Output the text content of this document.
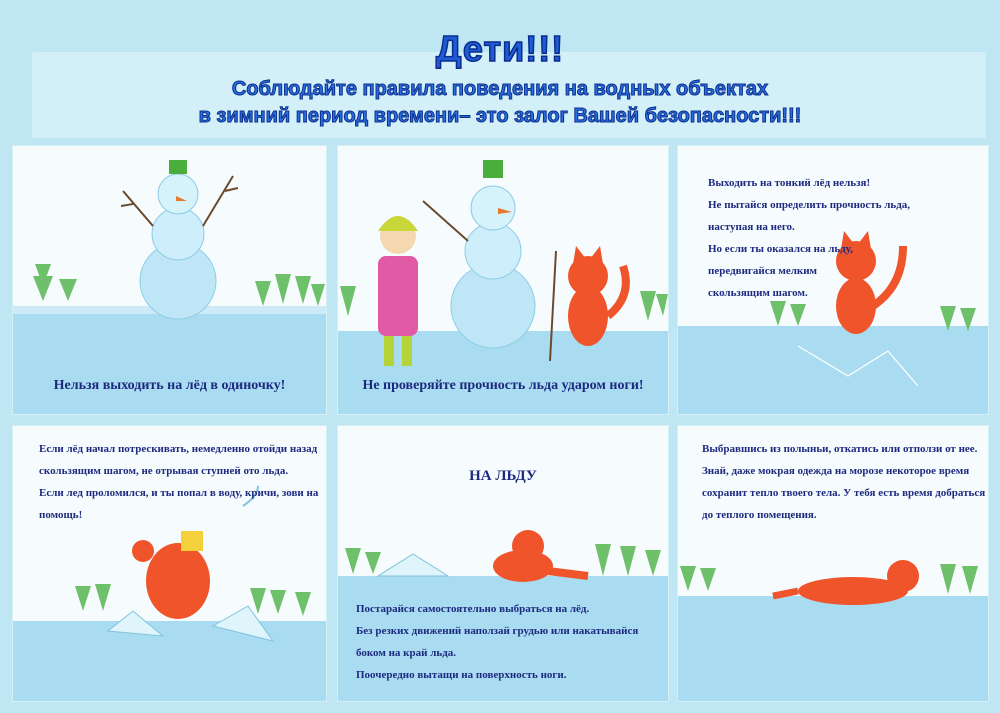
Дети!!!
Соблюдайте правила поведения на водных объектах
в зимний период времени– это залог Вашей безопасности!!!
Нельзя выходить на лёд в одиночку!	Не проверяйте прочность льда ударом ноги!
Выходить на тонкий лёд нельзя!
Не пытайся определить прочность льда,
наступая на него.
Но если ты оказался на льду,
передвигайся мелким
скользящим шагом.
Если лёд начал потрескивать, немедленно отойди назад
скользящим шагом, не отрывая ступней ото льда.
Если лед проломился, и ты попал в воду, кричи, зови на
помощь!
НА ЛЬДУ
Постарайся самостоятельно выбраться на лёд.
Без резких движений наползай грудью или накатывайся
боком на край льда.
Поочередно вытащи на поверхность ноги.
Выбравшись из полыньи, откатись или отползи от нее.
Знай, даже мокрая одежда на морозе некоторое время
сохранит тепло твоего тела. У тебя есть время добраться
до теплого помещения.
